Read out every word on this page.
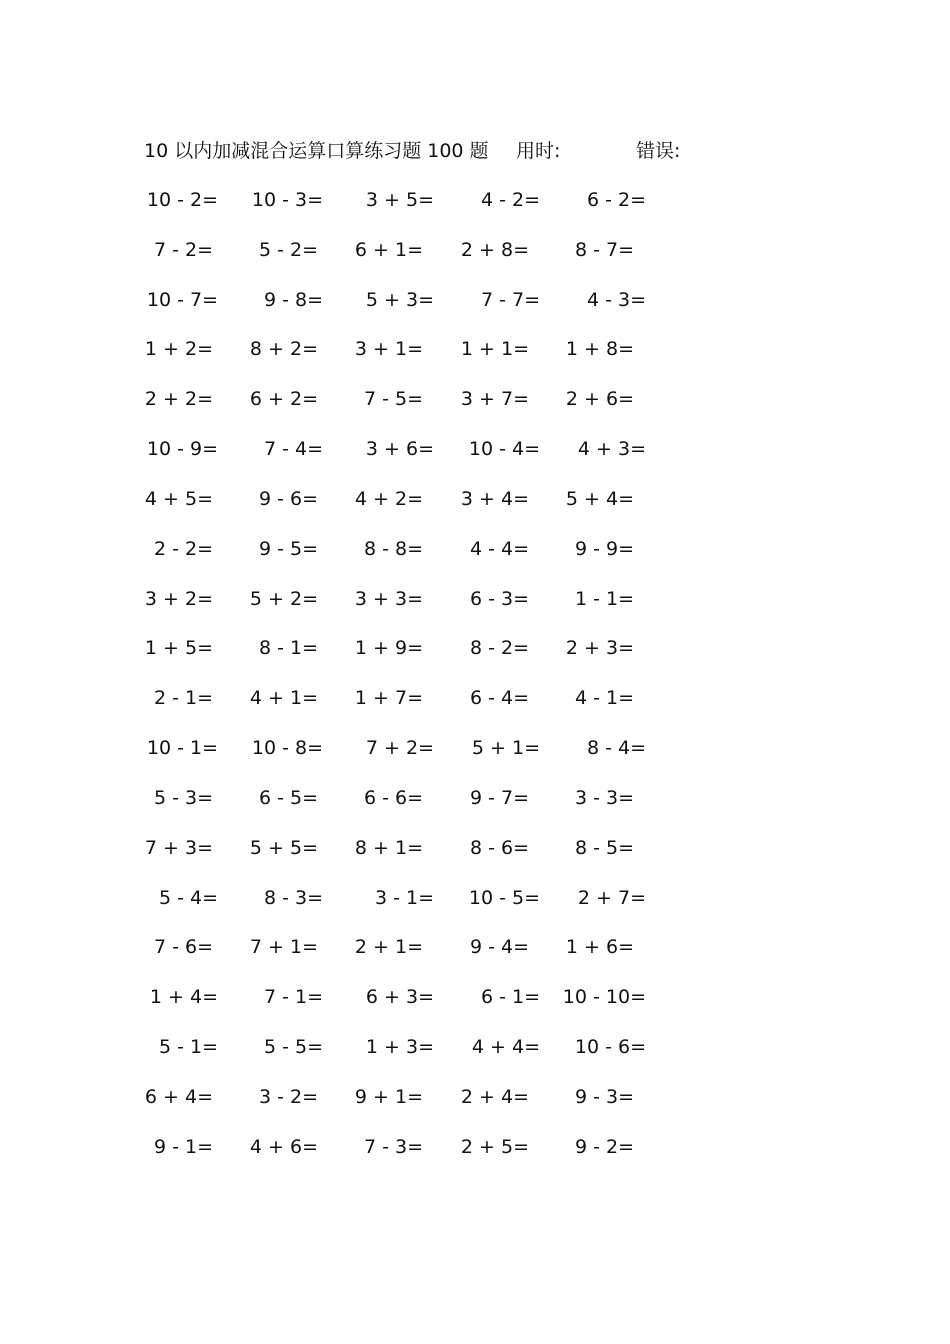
10 以内加减混合运算口算练习题 100 题 用时:	错误:
10 - 2= 10 - 3= 3 + 5= 4 - 2= 6 - 2=
7 - 2= 5 - 2= 6 + 1= 2 + 8= 8 - 7=
10 - 7= 9 - 8= 5 + 3= 7 - 7= 4 - 3=
1 + 2= 8 + 2= 3 + 1= 1 + 1= 1 + 8=
2 + 2= 6 + 2= 7 - 5= 3 + 7= 2 + 6=
10 - 9= 7 - 4= 3 + 6= 10 - 4= 4 + 3=
4 + 5= 9 - 6= 4 + 2= 3 + 4= 5 + 4=
2 - 2= 9 - 5= 8 - 8= 4 - 4= 9 - 9=
3 + 2= 5 + 2= 3 + 3= 6 - 3= 1 - 1=
1 + 5= 8 - 1= 1 + 9= 8 - 2= 2 + 3=
2 - 1= 4 + 1= 1 + 7= 6 - 4= 4 - 1=
10 - 1= 10 - 8= 7 + 2= 5 + 1= 8 - 4=
5 - 3= 6 - 5= 6 - 6= 9 - 7= 3 - 3=
7 + 3= 5 + 5= 8 + 1= 8 - 6= 8 - 5=
5 - 4= 8 - 3=	3 - 1= 10 - 5= 2 + 7=
7 - 6= 7 + 1= 2 + 1= 9 - 4= 1 + 6=
1 + 4= 7 - 1= 6 + 3= 6 - 1= 10 - 10=
5 - 1= 5 - 5= 1 + 3= 4 + 4= 10 - 6=
6 + 4= 3 - 2= 9 + 1= 2 + 4= 9 - 3=
9 - 1= 4 + 6= 7 - 3= 2 + 5= 9 - 2=
